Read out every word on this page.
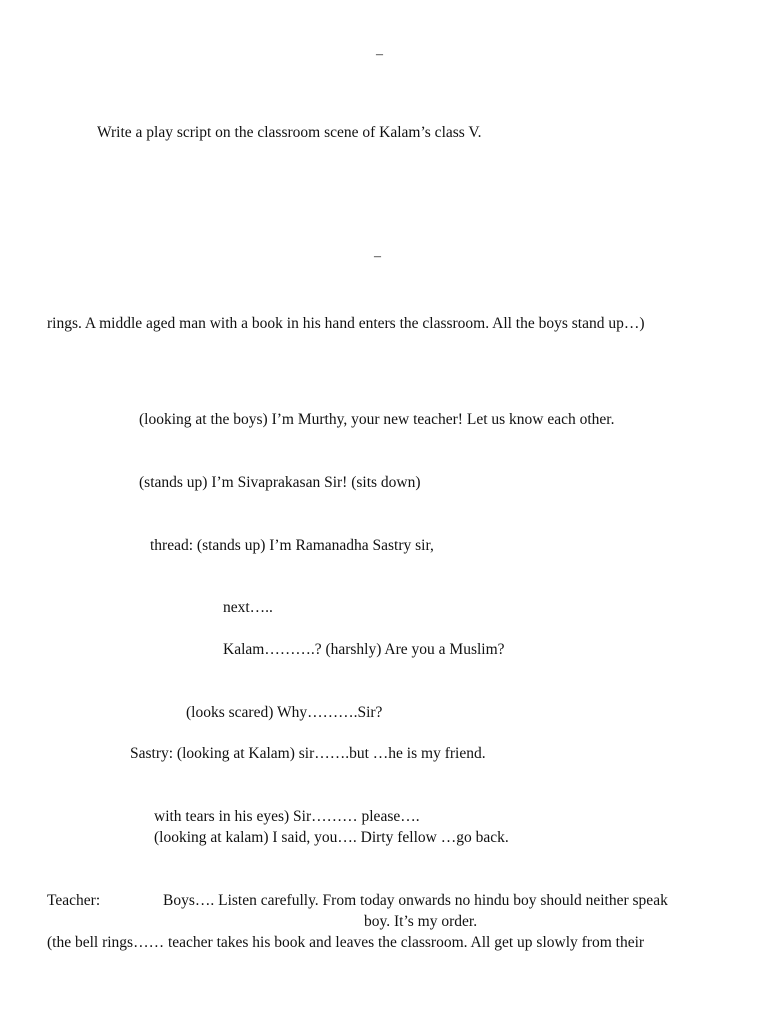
–
Write a play script on the classroom scene of Kalam’s class V.
–
rings. A middle aged man with a book in his hand enters the classroom. All the boys stand up…)
(looking at the boys) I’m Murthy, your new teacher! Let us know each other.
(stands up) I’m Sivaprakasan Sir! (sits down)
thread: (stands up) I’m Ramanadha Sastry sir,
next…..
Kalam……….? (harshly) Are you a Muslim?
(looks scared) Why……….Sir?
Sastry: (looking at Kalam) sir…….but …he is my friend.
with tears in his eyes) Sir……… please….
(looking at kalam) I said, you…. Dirty fellow …go back.
Teacher:	Boys…. Listen carefully. From today onwards no hindu boy should neither speak
boy. It’s my order.
(the bell rings…… teacher takes his book and leaves the classroom. All get up slowly from their
